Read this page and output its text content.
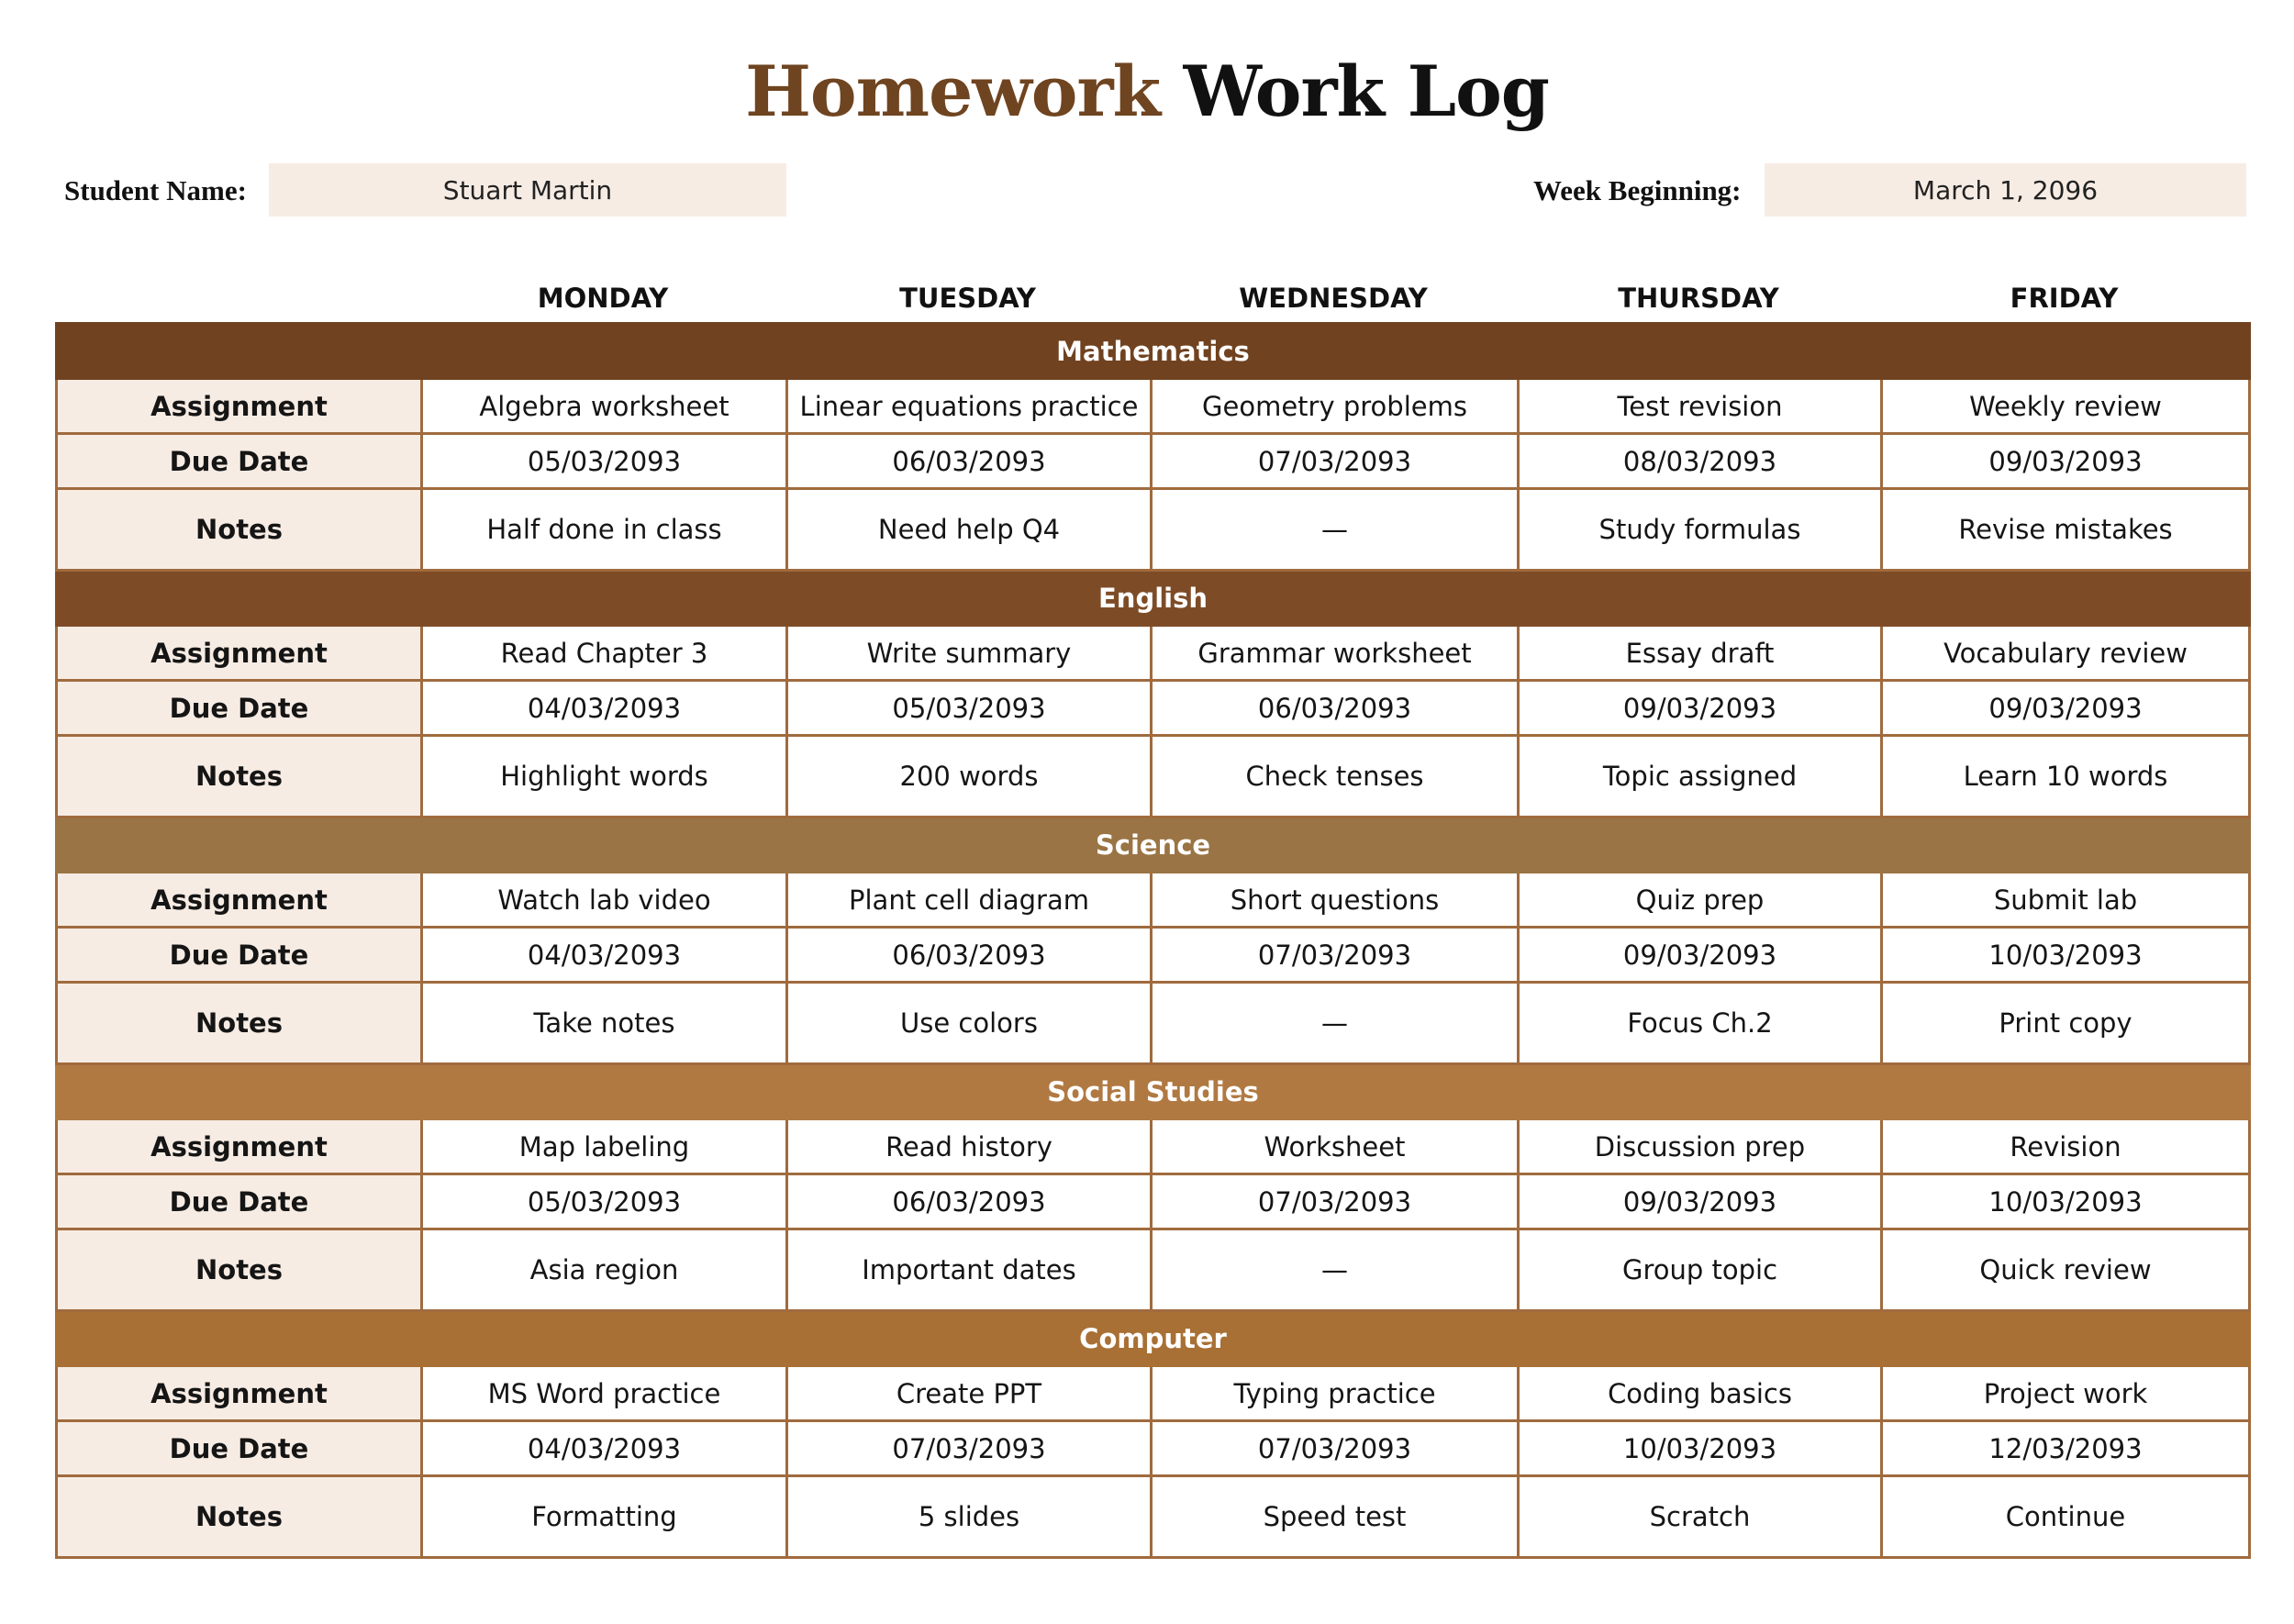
Homework Work Log
Student Name:	Stuart Martin	Week Beginning:	March 1, 2096
MONDAY	TUESDAY	WEDNESDAY	THURSDAY	FRIDAY
Mathematics					
Assignment	Algebra worksheet	Linear equations practice	Geometry problems	Test revision	Weekly review
Due Date	05/03/2093	06/03/2093	07/03/2093	08/03/2093	09/03/2093
Notes	Half done in class	Need help Q4	—	Study formulas	Revise mistakes
English					
Assignment	Read Chapter 3	Write summary	Grammar worksheet	Essay draft	Vocabulary review
Due Date	04/03/2093	05/03/2093	06/03/2093	09/03/2093	09/03/2093
Notes	Highlight words	200 words	Check tenses	Topic assigned	Learn 10 words
Science					
Assignment	Watch lab video	Plant cell diagram	Short questions	Quiz prep	Submit lab
Due Date	04/03/2093	06/03/2093	07/03/2093	09/03/2093	10/03/2093
Notes	Take notes	Use colors	—	Focus Ch.2	Print copy
Social Studies					
Assignment	Map labeling	Read history	Worksheet	Discussion prep	Revision
Due Date	05/03/2093	06/03/2093	07/03/2093	09/03/2093	10/03/2093
Notes	Asia region	Important dates	—	Group topic	Quick review
Computer					
Assignment	MS Word practice	Create PPT	Typing practice	Coding basics	Project work
Due Date	04/03/2093	07/03/2093	07/03/2093	10/03/2093	12/03/2093
Notes	Formatting	5 slides	Speed test	Scratch	Continue
